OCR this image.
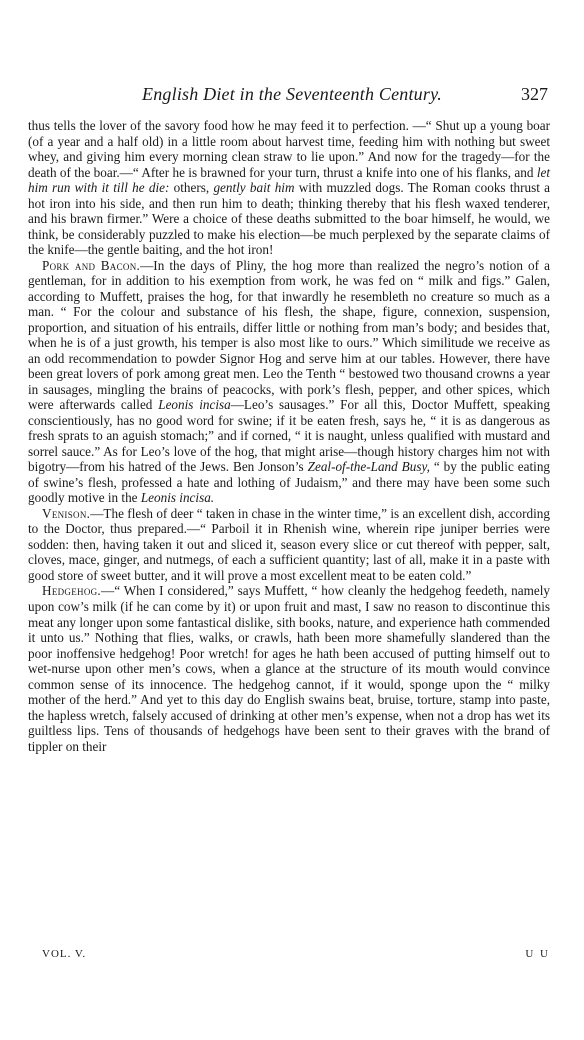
English Diet in the Seventeenth Century.	327

thus tells the lover of the savory food how he may feed it to perfection. —“ Shut up a young boar (of a year and a half old) in a little room about harvest time, feeding him with nothing but sweet whey, and giving him every morning clean straw to lie upon.” And now for the tragedy—for the death of the boar.—“ After he is brawned for your turn, thrust a knife into one of his flanks, and let him run with it till he die: others, gently bait him with muzzled dogs. The Roman cooks thrust a hot iron into his side, and then run him to death; thinking thereby that his flesh waxed tenderer, and his brawn firmer.” Were a choice of these deaths submitted to the boar himself, he would, we think, be considerably puzzled to make his election—be much perplexed by the separate claims of the knife—the gentle baiting, and the hot iron!

Pork and Bacon.—In the days of Pliny, the hog more than realized the negro’s notion of a gentleman, for in addition to his exemption from work, he was fed on “ milk and figs.” Galen, according to Muffett, praises the hog, for that inwardly he resembleth no creature so much as a man. “ For the colour and substance of his flesh, the shape, figure, connexion, suspension, proportion, and situation of his entrails, differ little or nothing from man’s body; and besides that, when he is of a just growth, his temper is also most like to ours.” Which similitude we receive as an odd recommendation to powder Signor Hog and serve him at our tables. However, there have been great lovers of pork among great men. Leo the Tenth “ bestowed two thousand crowns a year in sausages, mingling the brains of peacocks, with pork’s flesh, pepper, and other spices, which were afterwards called Leonis incisa—Leo’s sausages.” For all this, Doctor Muffett, speaking conscientiously, has no good word for swine; if it be eaten fresh, says he, “ it is as dangerous as fresh sprats to an aguish stomach;” and if corned, “ it is naught, unless qualified with mustard and sorrel sauce.” As for Leo’s love of the hog, that might arise—though history charges him not with bigotry—from his hatred of the Jews. Ben Jonson’s Zeal-of-the-Land Busy, “ by the public eating of swine’s flesh, professed a hate and lothing of Judaism,” and there may have been some such goodly motive in the Leonis incisa.

Venison.—The flesh of deer “ taken in chase in the winter time,” is an excellent dish, according to the Doctor, thus prepared.—“ Parboil it in Rhenish wine, wherein ripe juniper berries were sodden: then, having taken it out and sliced it, season every slice or cut thereof with pepper, salt, cloves, mace, ginger, and nutmegs, of each a sufficient quantity; last of all, make it in a paste with good store of sweet butter, and it will prove a most excellent meat to be eaten cold.”

Hedgehog.—“ When I considered,” says Muffett, “ how cleanly the hedgehog feedeth, namely upon cow’s milk (if he can come by it) or upon fruit and mast, I saw no reason to discontinue this meat any longer upon some fantastical dislike, sith books, nature, and experience hath commended it unto us.” Nothing that flies, walks, or crawls, hath been more shamefully slandered than the poor inoffensive hedgehog! Poor wretch! for ages he hath been accused of putting himself out to wet-nurse upon other men’s cows, when a glance at the structure of its mouth would convince common sense of its innocence. The hedgehog cannot, if it would, sponge upon the “ milky mother of the herd.” And yet to this day do English swains beat, bruise, torture, stamp into paste, the hapless wretch, falsely accused of drinking at other men’s expense, when not a drop has wet its guiltless lips. Tens of thousands of hedgehogs have been sent to their graves with the brand of tippler on their

VOL. V.	U U
